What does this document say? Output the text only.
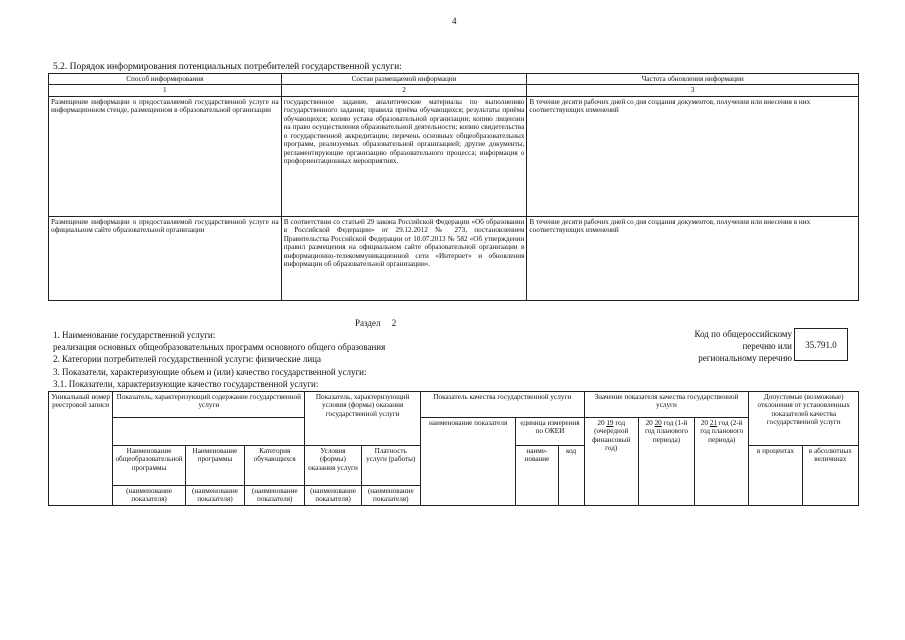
4
5.2. Порядок информирования потенциальных потребителей государственной услуги:
Способ информирования	Состав размещаемой информации	Частота обновления информации
1	2	3
Размещение информации о предоставляемой государственной услуге на информационном стенде, размещенном в образовательной организации	государственное задание, аналитические материалы по выполнению государственного задания; правила приёма обучающихся; результаты приёма обучающихся; копию устава образовательной организации; копию лицензии на право осуществления образовательной деятельности; копию свидетельства о государственной аккредитации; перечень основных общеобразовательных программ, реализуемых образовательной организацией; другие документы, регламентирующие организацию образовательного процесса; информация о профориентационных мероприятиях.	В течение десяти рабочих дней со дня создания документов, получения или внесения в них соответствующих изменений
Размещение информации о предоставляемой государственной услуге на официальном сайте образовательной организации	В соответствии со статьей 29 закона Российской Федерации «Об образовании в Российской Федерации» от 29.12.2012 № 273, постановлением Правительства Российской Федерации от 10.07.2013 № 582 «Об утверждении правил размещения на официальном сайте образовательной организации в информационно-телекоммуникационной сети «Интернет» и обновления информации об образовательной организации».	В течение десяти рабочих дней со дня создания документов, получения или внесения в них соответствующих изменений
Раздел 2
1. Наименование государственной услуги:
реализация основных общеобразовательных программ основного общего образования
2. Категории потребителей государственной услуги: физические лица
3. Показатели, характеризующие объем и (или) качество государственной услуги:
3.1. Показатели, характеризующие качество государственной услуги:
Код по общероссийскому
перечню или
региональному перечню
35.791.0
Уникальный номер реестровой записи	Показатель, характеризующий содержание государственной услуги			Показатель, характеризующий условия (формы) оказания государственной услуги		Показатель качества государственной услуги			Значение показателя качества государственной услуги			Допустимые (возможные) отклонения от установленных показателей качества государственной услуги	
						наименование показателя	единица измерения по ОКЕИ		20 19 год (очередной финансовый год)	20 20 год (1-й год планового периода)	20 21 год (2-й год планового периода)		
	Наименование общеобразовательной программы	Наименование программы	Категория обучающихся	Условия (формы) оказания услуги	Платность услуги (работы)		наиме-нование	код				в процентах	в абсолютных величинах
	(наименование показателя)	(наименование показателя)	(наименование показателя)	(наименование показателя)	(наименование показателя)								
